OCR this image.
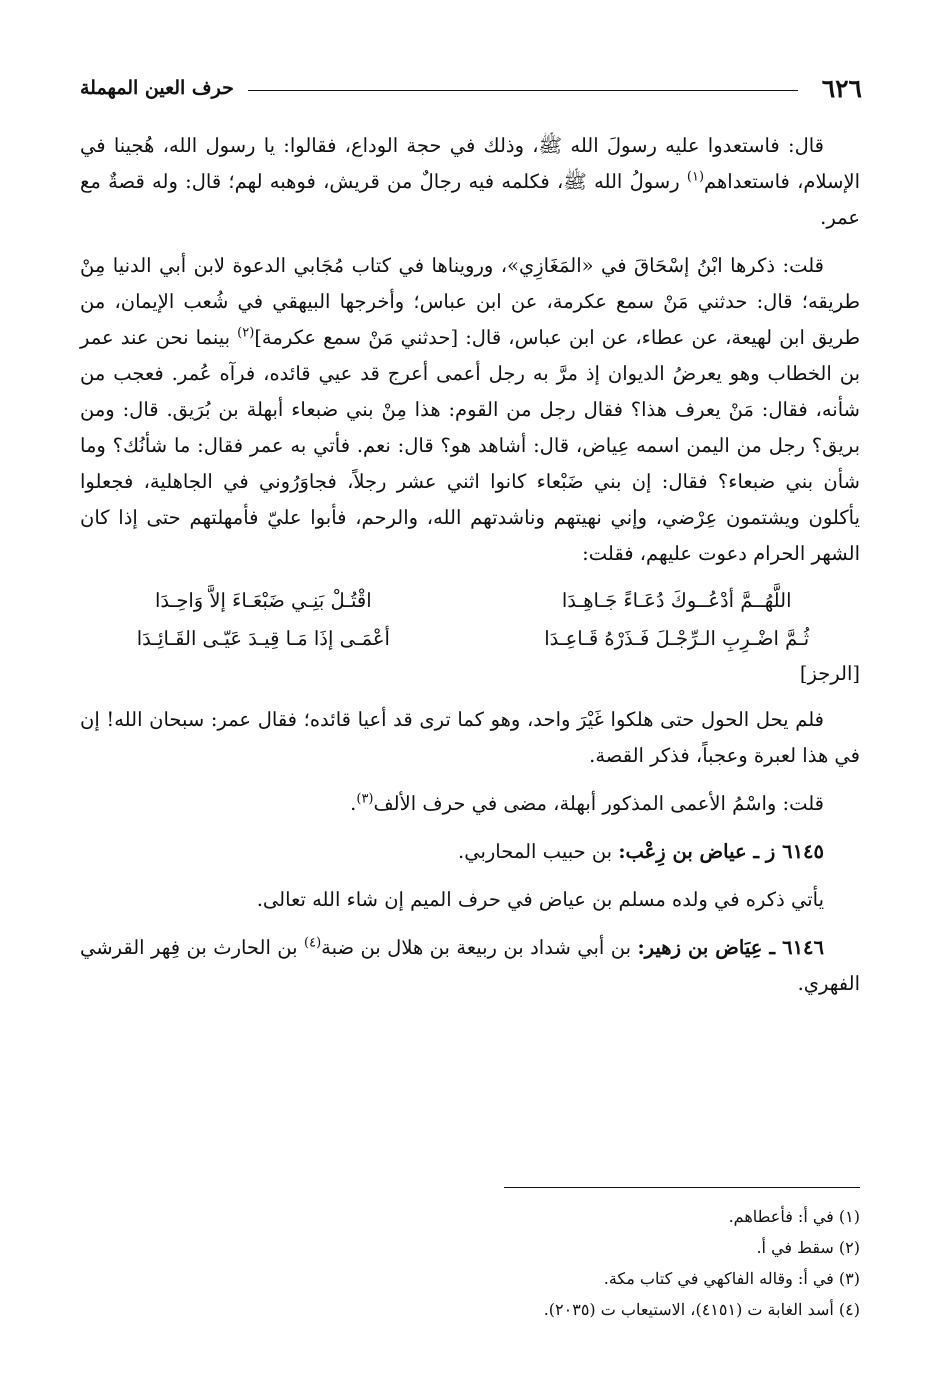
٦٢٦
حرف العين المهملة

قال: فاستعدوا عليه رسولَ الله ﷺ، وذلك في حجة الوداع، فقالوا: يا رسول الله، هُجينا في الإسلام، فاستعداهم$^{(١)}$ رسولُ الله ﷺ، فكلمه فيه رجالٌ من قريش، فوهبه لهم؛ قال: وله قصةٌ مع عمر.

قلت: ذكرها ابْنُ إسْحَاقَ في «المَغَازِي»، ورويناها في كتاب مُجَابي الدعوة لابن أبي الدنيا مِنْ طريقه؛ قال: حدثني مَنْ سمع عكرمة، عن ابن عباس؛ وأخرجها البيهقي في شُعب الإيمان، من طريق ابن لهيعة، عن عطاء، عن ابن عباس، قال: [حدثني مَنْ سمع عكرمة]$^{(٢)}$ بينما نحن عند عمر بن الخطاب وهو يعرضُ الديوان إذ مرَّ به رجل أعمى أعرج قد عيي قائده، فرآه عُمر. فعجب من شأنه، فقال: مَنْ يعرف هذا؟ فقال رجل من القوم: هذا مِنْ بني ضبعاء أبهلة بن بُرَيق. قال: ومن بريق؟ رجل من اليمن اسمه عِياض، قال: أشاهد هو؟ قال: نعم. فأتي به عمر فقال: ما شأنُك؟ وما شأن بني ضبعاء؟ فقال: إن بني ضَبْعاء كانوا اثني عشر رجلاً، فجاوَرُوني في الجاهلية، فجعلوا يأكلون ويشتمون عِرْضي، وإني نهيتهم وناشدتهم الله، والرحم، فأبوا عليّ فأمهلتهم حتى إذا كان الشهر الحرام دعوت عليهم، فقلت:

اللَّهُــمَّ أدْعُــوكَ دُعَـاءً جَـاهِـدَا
اقْتُـلْ بَنِـي ضَبْعَـاءَ إلاَّ وَاحِـدَا
ثُـمَّ اضْـرِبِ الـرِّجْـلَ فَـذَرْهُ قَـاعِـدَا
أعْمَـى إذَا مَـا قِيـدَ عَيّـى القَـائِـدَا

[الرجز]

فلم يحل الحول حتى هلكوا غَيْرَ واحد، وهو كما ترى قد أعيا قائده؛ فقال عمر: سبحان الله! إن في هذا لعبرة وعجباً، فذكر القصة.

قلت: واسْمُ الأعمى المذكور أبهلة، مضى في حرف الألف$^{(٣)}$.

٦١٤٥ ز ـ عياض بن زِعْب: بن حبيب المحاربي.

يأتي ذكره في ولده مسلم بن عياض في حرف الميم إن شاء الله تعالى.

٦١٤٦ ـ عِيَاض بن زهير: بن أبي شداد بن ربيعة بن هلال بن ضبة$^{(٤)}$ بن الحارث بن فِهر القرشي الفهري.

(١) في أ: فأعطاهم.
(٢) سقط في أ.
(٣) في أ: وقاله الفاكهي في كتاب مكة.
(٤) أسد الغابة ت (٤١٥١)، الاستيعاب ت (٢٠٣٥).
